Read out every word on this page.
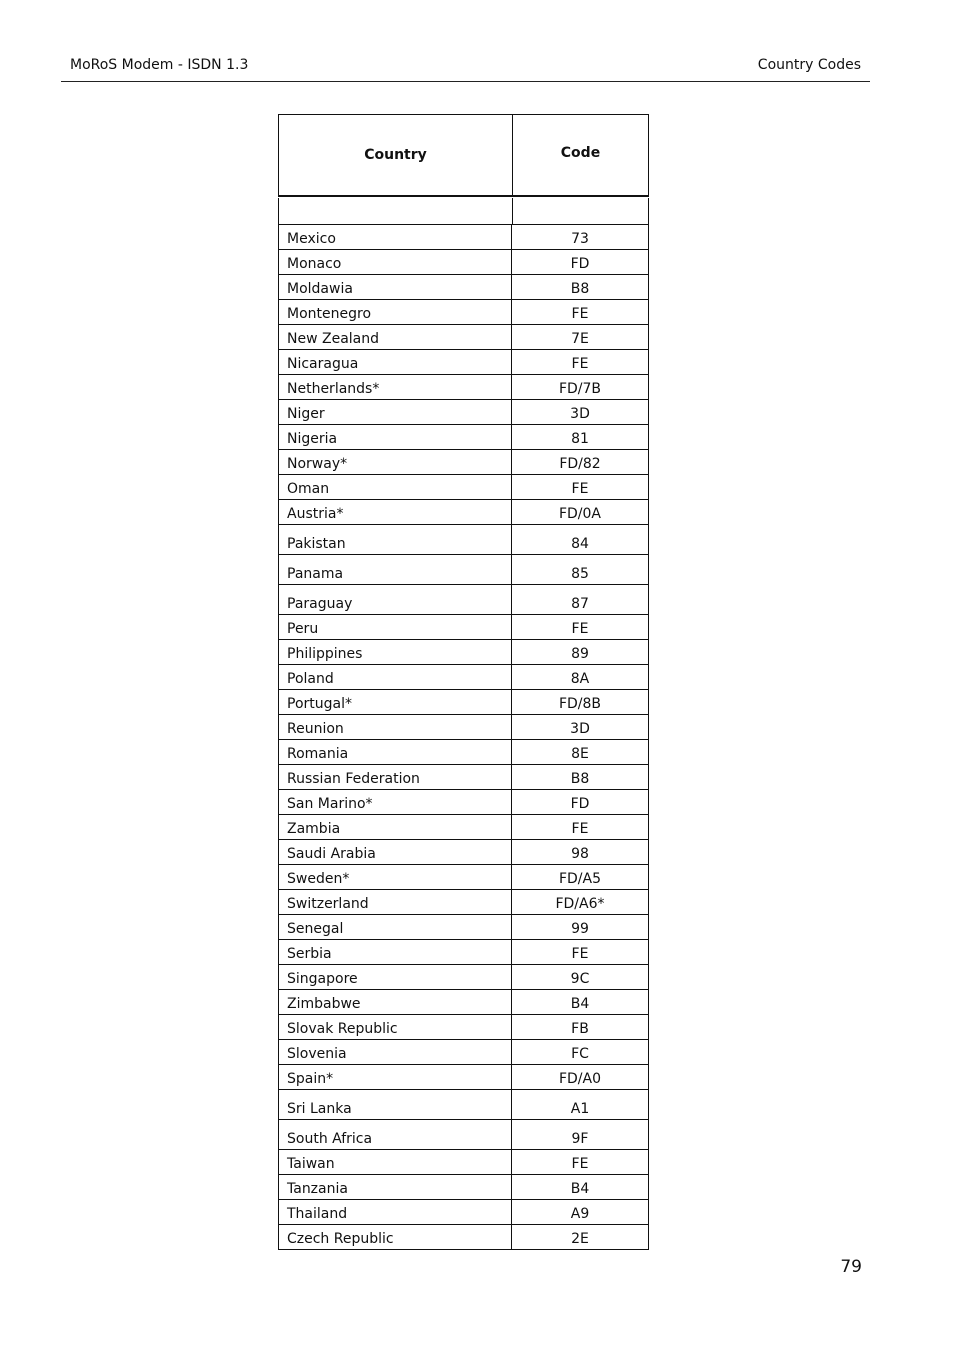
MoRoS Modem - ISDN 1.3	Country Codes
Country	Code
Mexico	73
Monaco	FD
Moldawia	B8
Montenegro	FE
New Zealand	7E
Nicaragua	FE
Netherlands*	FD/7B
Niger	3D
Nigeria	81
Norway*	FD/82
Oman	FE
Austria*	FD/0A
Pakistan	84
Panama	85
Paraguay	87
Peru	FE
Philippines	89
Poland	8A
Portugal*	FD/8B
Reunion	3D
Romania	8E
Russian Federation	B8
San Marino*	FD
Zambia	FE
Saudi Arabia	98
Sweden*	FD/A5
Switzerland	FD/A6*
Senegal	99
Serbia	FE
Singapore	9C
Zimbabwe	B4
Slovak Republic	FB
Slovenia	FC
Spain*	FD/A0
Sri Lanka	A1
South Africa	9F
Taiwan	FE
Tanzania	B4
Thailand	A9
Czech Republic	2E
79
